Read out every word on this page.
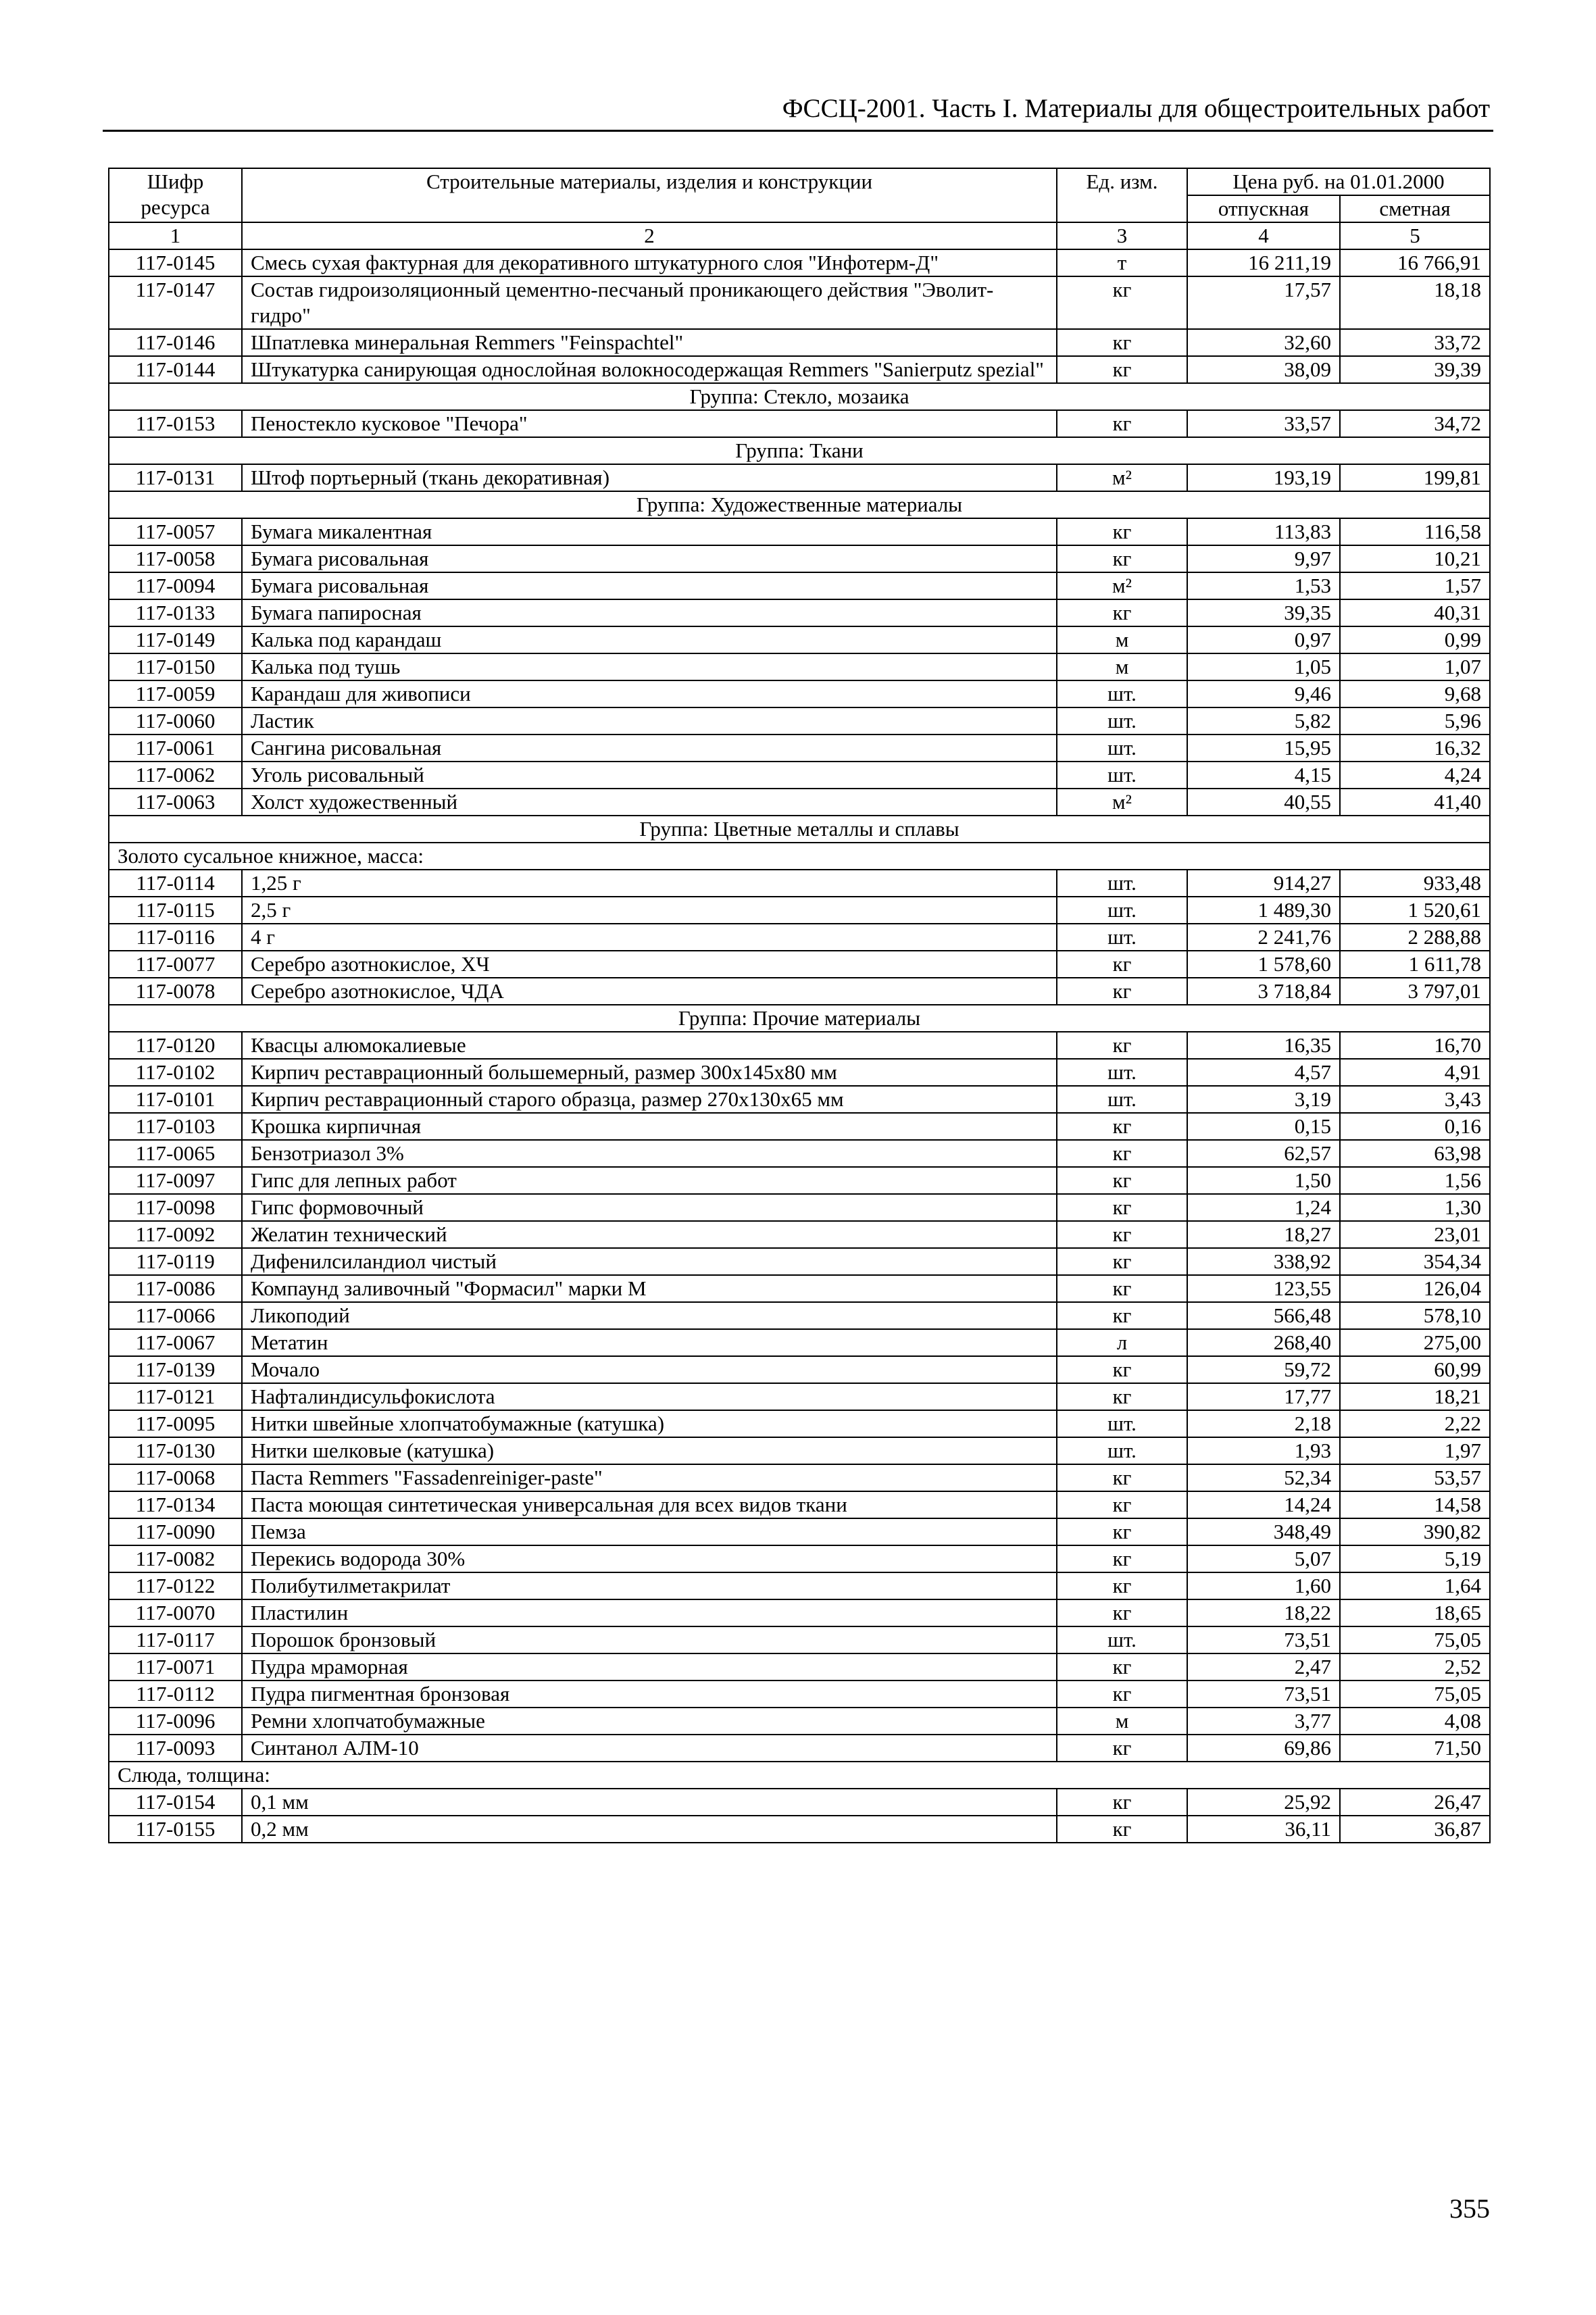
ФССЦ-2001. Часть I. Материалы для общестроительных работ
Шифр ресурса	Строительные материалы, изделия и конструкции	Ед. изм.	Цена руб. на 01.01.2000	
			отпускная	сметная
1	2	3	4	5
117-0145	Смесь сухая фактурная для декоративного штукатурного слоя "Инфотерм-Д"	т	16 211,19	16 766,91
117-0147	Состав гидроизоляционный цементно-песчаный проникающего действия "Эволит-гидро"	кг	17,57	18,18
117-0146	Шпатлевка минеральная Remmers "Feinspachtel"	кг	32,60	33,72
117-0144	Штукатурка санирующая однослойная волокносодержащая Remmers "Sanierputz spezial"	кг	38,09	39,39
Группа: Стекло, мозаика				
117-0153	Пеностекло кусковое "Печора"	кг	33,57	34,72
Группа: Ткани				
117-0131	Штоф портьерный (ткань декоративная)	м²	193,19	199,81
Группа: Художественные материалы				
117-0057	Бумага микалентная	кг	113,83	116,58
117-0058	Бумага рисовальная	кг	9,97	10,21
117-0094	Бумага рисовальная	м²	1,53	1,57
117-0133	Бумага папиросная	кг	39,35	40,31
117-0149	Калька под карандаш	м	0,97	0,99
117-0150	Калька под тушь	м	1,05	1,07
117-0059	Карандаш для живописи	шт.	9,46	9,68
117-0060	Ластик	шт.	5,82	5,96
117-0061	Сангина рисовальная	шт.	15,95	16,32
117-0062	Уголь рисовальный	шт.	4,15	4,24
117-0063	Холст художественный	м²	40,55	41,40
Группа: Цветные металлы и сплавы				
Золото сусальное книжное, масса:				
117-0114	1,25 г	шт.	914,27	933,48
117-0115	2,5 г	шт.	1 489,30	1 520,61
117-0116	4 г	шт.	2 241,76	2 288,88
117-0077	Серебро азотнокислое, ХЧ	кг	1 578,60	1 611,78
117-0078	Серебро азотнокислое, ЧДА	кг	3 718,84	3 797,01
Группа: Прочие материалы				
117-0120	Квасцы алюмокалиевые	кг	16,35	16,70
117-0102	Кирпич реставрационный большемерный, размер 300x145x80 мм	шт.	4,57	4,91
117-0101	Кирпич реставрационный старого образца, размер 270x130x65 мм	шт.	3,19	3,43
117-0103	Крошка кирпичная	кг	0,15	0,16
117-0065	Бензотриазол 3%	кг	62,57	63,98
117-0097	Гипс для лепных работ	кг	1,50	1,56
117-0098	Гипс формовочный	кг	1,24	1,30
117-0092	Желатин технический	кг	18,27	23,01
117-0119	Дифенилсиландиол чистый	кг	338,92	354,34
117-0086	Компаунд заливочный "Формасил" марки М	кг	123,55	126,04
117-0066	Ликоподий	кг	566,48	578,10
117-0067	Метатин	л	268,40	275,00
117-0139	Мочало	кг	59,72	60,99
117-0121	Нафталиндисульфокислота	кг	17,77	18,21
117-0095	Нитки швейные хлопчатобумажные (катушка)	шт.	2,18	2,22
117-0130	Нитки шелковые (катушка)	шт.	1,93	1,97
117-0068	Паста Remmers "Fassadenreiniger-paste"	кг	52,34	53,57
117-0134	Паста моющая синтетическая универсальная для всех видов ткани	кг	14,24	14,58
117-0090	Пемза	кг	348,49	390,82
117-0082	Перекись водорода 30%	кг	5,07	5,19
117-0122	Полибутилметакрилат	кг	1,60	1,64
117-0070	Пластилин	кг	18,22	18,65
117-0117	Порошок бронзовый	шт.	73,51	75,05
117-0071	Пудра мраморная	кг	2,47	2,52
117-0112	Пудра пигментная бронзовая	кг	73,51	75,05
117-0096	Ремни хлопчатобумажные	м	3,77	4,08
117-0093	Синтанол АЛМ-10	кг	69,86	71,50
Слюда, толщина:				
117-0154	0,1 мм	кг	25,92	26,47
117-0155	0,2 мм	кг	36,11	36,87
355
